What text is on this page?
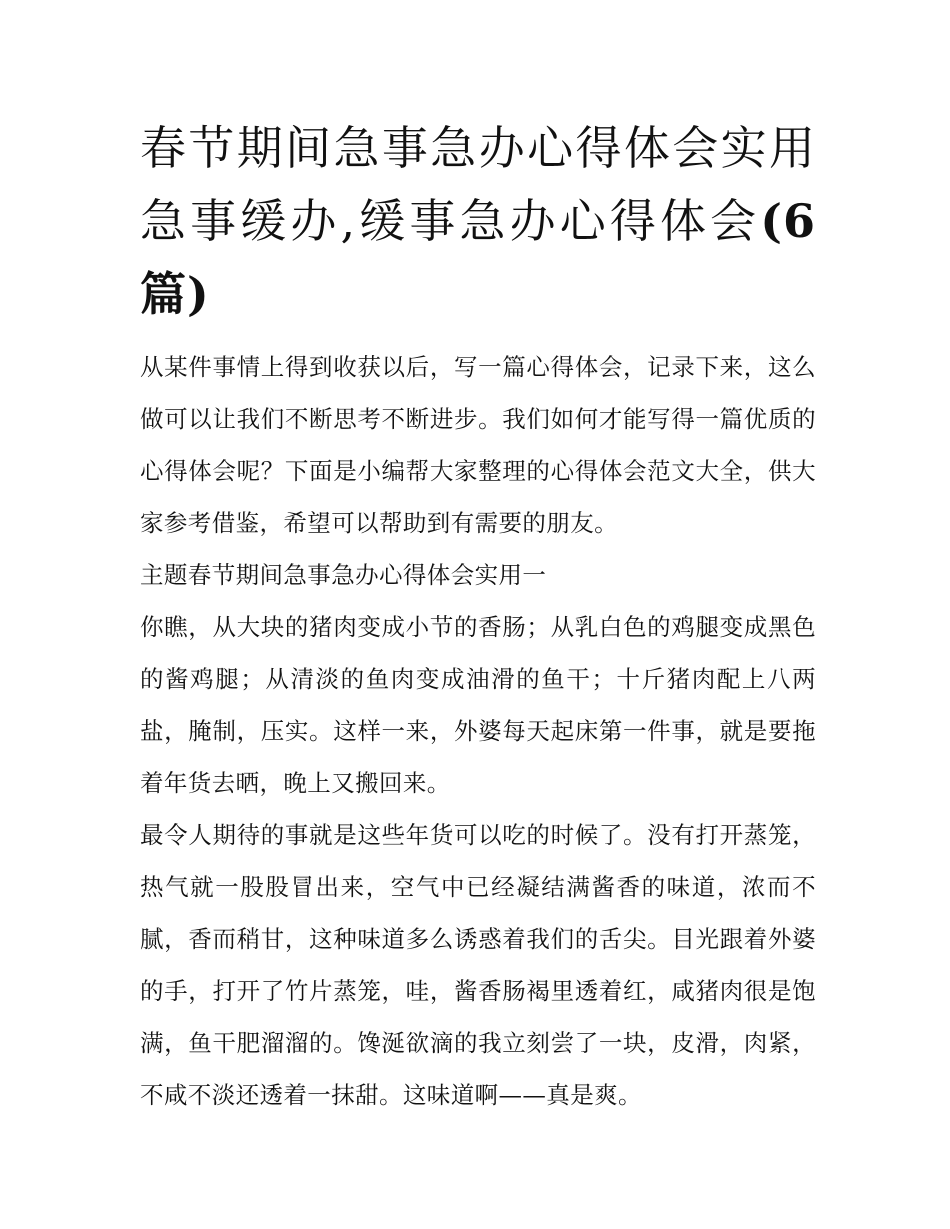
春节期间急事急办心得体会实用 急事缓办,缓事急办心得体会(6篇)

从某件事情上得到收获以后，写一篇心得体会，记录下来，这么做可以让我们不断思考不断进步。我们如何才能写得一篇优质的心得体会呢？下面是小编帮大家整理的心得体会范文大全，供大家参考借鉴，希望可以帮助到有需要的朋友。

主题春节期间急事急办心得体会实用一

你瞧，从大块的猪肉变成小节的香肠；从乳白色的鸡腿变成黑色的酱鸡腿；从清淡的鱼肉变成油滑的鱼干；十斤猪肉配上八两盐，腌制，压实。这样一来，外婆每天起床第一件事，就是要拖着年货去晒，晚上又搬回来。

最令人期待的事就是这些年货可以吃的时候了。没有打开蒸笼，热气就一股股冒出来，空气中已经凝结满酱香的味道，浓而不腻，香而稍甘，这种味道多么诱惑着我们的舌尖。目光跟着外婆的手，打开了竹片蒸笼，哇，酱香肠褐里透着红，咸猪肉很是饱满，鱼干肥溜溜的。馋涎欲滴的我立刻尝了一块，皮滑，肉紧，不咸不淡还透着一抹甜。这味道啊——真是爽。
